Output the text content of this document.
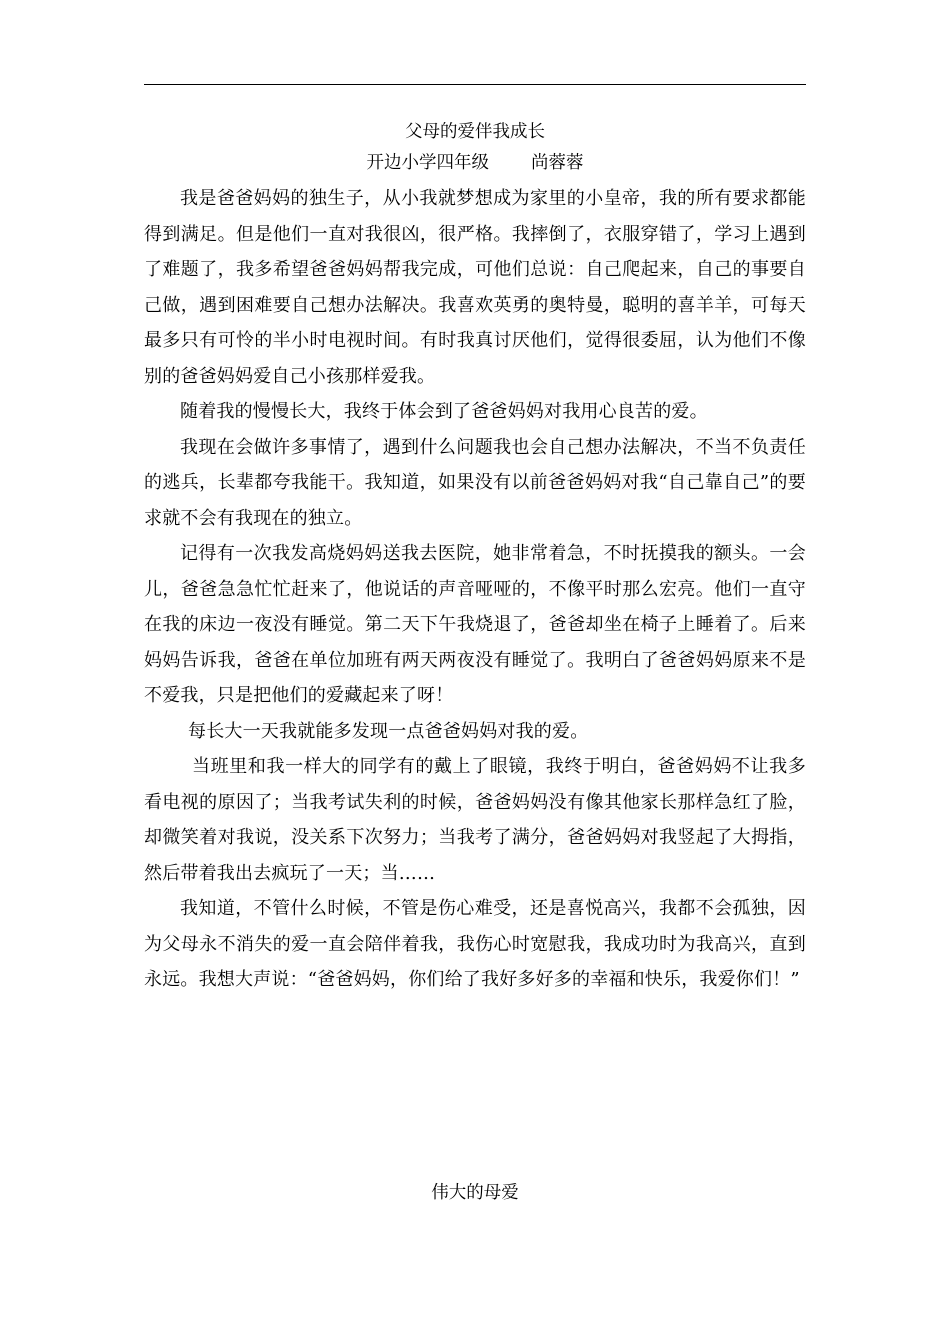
父母的爱伴我成长

开边小学四年级 尚蓉蓉

我是爸爸妈妈的独生子，从小我就梦想成为家里的小皇帝，我的所有要求都能得到满足。但是他们一直对我很凶，很严格。我摔倒了，衣服穿错了，学习上遇到了难题了，我多希望爸爸妈妈帮我完成，可他们总说：自己爬起来，自己的事要自己做，遇到困难要自己想办法解决。我喜欢英勇的奥特曼，聪明的喜羊羊，可每天最多只有可怜的半小时电视时间。有时我真讨厌他们，觉得很委屈，认为他们不像别的爸爸妈妈爱自己小孩那样爱我。

随着我的慢慢长大，我终于体会到了爸爸妈妈对我用心良苦的爱。

我现在会做许多事情了，遇到什么问题我也会自己想办法解决，不当不负责任的逃兵，长辈都夸我能干。我知道，如果没有以前爸爸妈妈对我“自己靠自己”的要求就不会有我现在的独立。

记得有一次我发高烧妈妈送我去医院，她非常着急，不时抚摸我的额头。一会儿，爸爸急急忙忙赶来了，他说话的声音哑哑的，不像平时那么宏亮。他们一直守在我的床边一夜没有睡觉。第二天下午我烧退了，爸爸却坐在椅子上睡着了。后来妈妈告诉我，爸爸在单位加班有两天两夜没有睡觉了。我明白了爸爸妈妈原来不是不爱我，只是把他们的爱藏起来了呀！

每长大一天我就能多发现一点爸爸妈妈对我的爱。

当班里和我一样大的同学有的戴上了眼镜，我终于明白，爸爸妈妈不让我多看电视的原因了；当我考试失利的时候，爸爸妈妈没有像其他家长那样急红了脸，却微笑着对我说，没关系下次努力；当我考了满分，爸爸妈妈对我竖起了大拇指，然后带着我出去疯玩了一天；当……

我知道，不管什么时候，不管是伤心难受，还是喜悦高兴，我都不会孤独，因为父母永不消失的爱一直会陪伴着我，我伤心时宽慰我，我成功时为我高兴，直到永远。我想大声说：“爸爸妈妈，你们给了我好多好多的幸福和快乐，我爱你们！”

伟大的母爱
